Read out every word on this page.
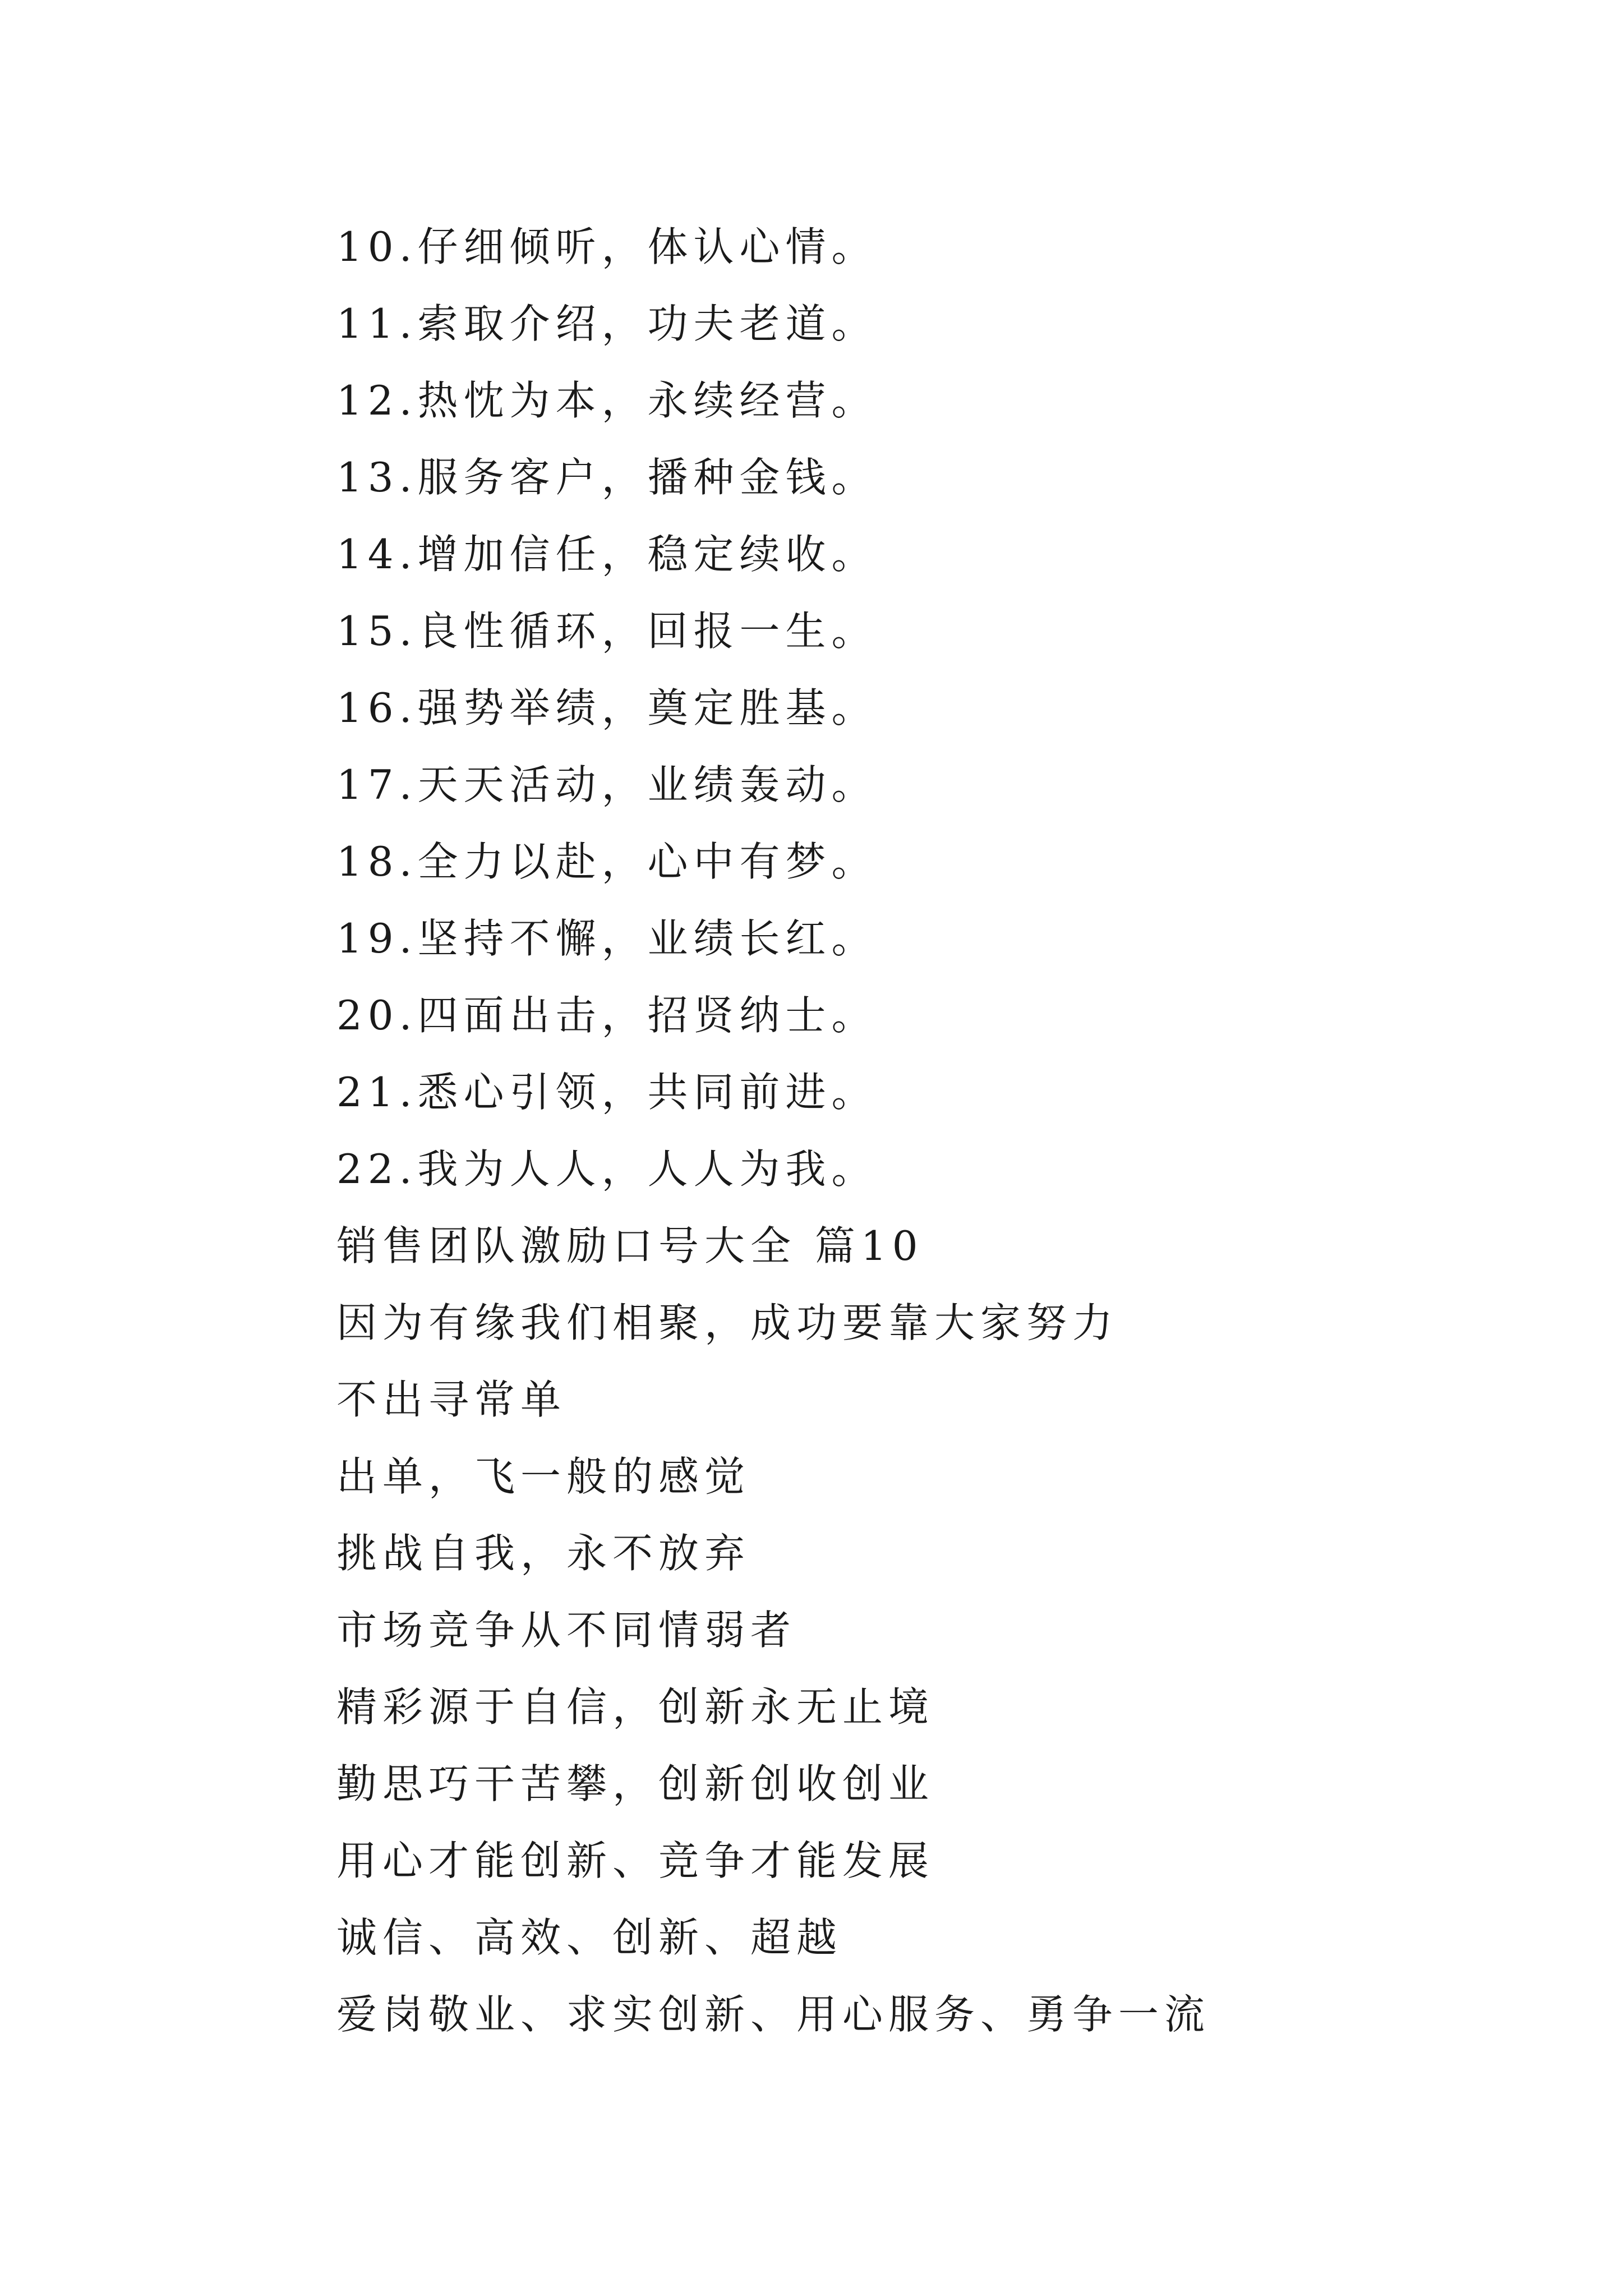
10.仔细倾听，体认心情。
11.索取介绍，功夫老道。
12.热忱为本，永续经营。
13.服务客户，播种金钱。
14.增加信任，稳定续收。
15.良性循环，回报一生。
16.强势举绩，奠定胜基。
17.天天活动，业绩轰动。
18.全力以赴，心中有梦。
19.坚持不懈，业绩长红。
20.四面出击，招贤纳士。
21.悉心引领，共同前进。
22.我为人人，人人为我。
销售团队激励口号大全 篇10
因为有缘我们相聚，成功要靠大家努力
不出寻常单
出单，飞一般的感觉
挑战自我，永不放弃
市场竞争从不同情弱者
精彩源于自信，创新永无止境
勤思巧干苦攀，创新创收创业
用心才能创新、竞争才能发展
诚信、高效、创新、超越
爱岗敬业、求实创新、用心服务、勇争一流
